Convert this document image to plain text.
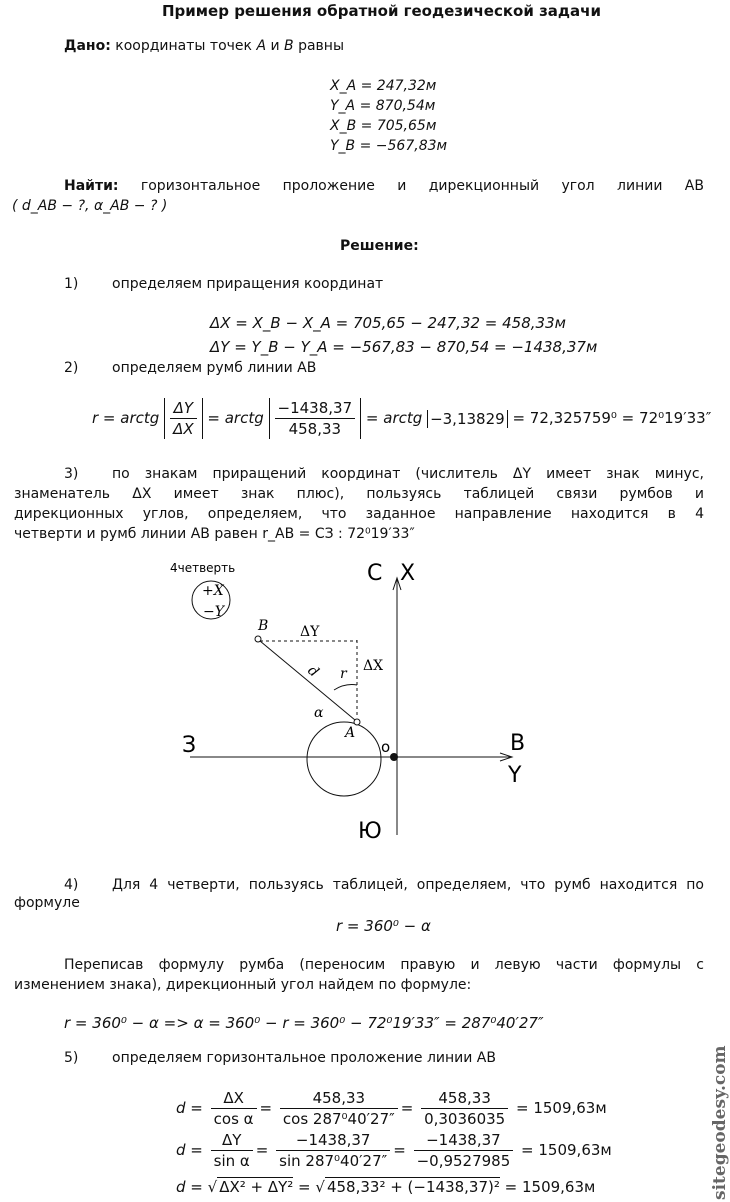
Пример решения обратной геодезической задачи
Дано: координаты точек A и B равны
X_A = 247,32м
Y_A = 870,54м
X_B = 705,65м
Y_B = −567,83м
Найти: горизонтальное проложение и дирекционный угол линии AB
( d_AB − ?, α_AB − ? )
Решение:
1) определяем приращения координат
ΔX = X_B − X_A = 705,65 − 247,32 = 458,33м
ΔY = Y_B − Y_A = −567,83 − 870,54 = −1438,37м
2) определяем румб линии AB
r = arctg $\frac{\Delta Y}{\Delta X}$ = arctg $\frac{-1438,37}{458,33}$ = arctg −3,13829 = 72,325759⁰ = 72⁰19′33″
3) по знакам приращений координат (числитель ΔY имеет знак минус,
знаменатель ΔX имеет знак плюс), пользуясь таблицей связи румбов и
дирекционных углов, определяем, что заданное направление находится в 4
четверти и румб линии AB равен r_AB = СЗ : 72⁰19′33″
4четверть
+X
−Y
B
A
ΔY
ΔX
r
d
α
С X
З	В
Y
Ю
o
4) Для 4 четверти, пользуясь таблицей, определяем, что румб находится по
формуле
r = 360⁰ − α
Переписав формулу румба (переносим правую и левую части формулы с
изменением знака), дирекционный угол найдем по формуле:
r = 360⁰ − α => α = 360⁰ − r = 360⁰ − 72⁰19′33″ = 287⁰40′27″
5) определяем горизонтальное проложение линии AB
$d = \frac{\Delta X}{\text{cos α}} = \frac{458,33}{\text{cos 287⁰40′27″}} = \frac{458,33}{0,3036035} = 1509,63м$
$d = \frac{\Delta Y}{\text{sin α}} = \frac{-1438,37}{\text{sin 287⁰40′27″}} = \frac{-1438,37}{-0,9527985} = 1509,63м$
d = √ ΔX² + ΔY² = √ 458,33² + (−1438,37)² = 1509,63м	sitegeodesy.com
